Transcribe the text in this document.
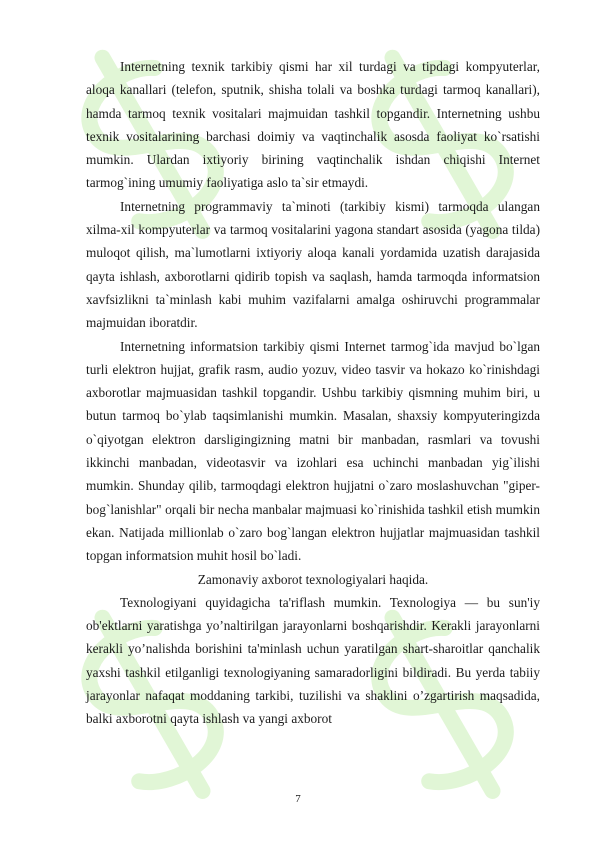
Internetning texnik tarkibiy qismi har xil turdagi va tipdagi kompyuterlar, aloqa kanallari (telefon, sputnik, shisha tolali va boshka turdagi tarmoq kanallari), hamda tarmoq texnik vositalari majmuidan tashkil topgandir. Internetning ushbu texnik vositalarining barchasi doimiy va vaqtinchalik asosda faoliyat ko`rsatishi mumkin. Ulardan ixtiyoriy birining vaqtinchalik ishdan chiqishi Internet tarmog`ining umumiy faoliyatiga aslo ta`sir etmaydi.

Internetning programmaviy ta`minoti (tarkibiy kismi) tarmoqda ulangan xilma-xil kompyuterlar va tarmoq vositalarini yagona standart asosida (yagona tilda) muloqot qilish, ma`lumotlarni ixtiyoriy aloqa kanali yordamida uzatish darajasida qayta ishlash, axborotlarni qidirib topish va saqlash, hamda tarmoqda informatsion xavfsizlikni ta`minlash kabi muhim vazifalarni amalga oshiruvchi programmalar majmuidan iboratdir.

Internetning informatsion tarkibiy qismi Internet tarmog`ida mavjud bo`lgan turli elektron hujjat, grafik rasm, audio yozuv, video tasvir va hokazo ko`rinishdagi axborotlar majmuasidan tashkil topgandir. Ushbu tarkibiy qismning muhim biri, u butun tarmoq bo`ylab taqsimlanishi mumkin. Masalan, shaxsiy kompyuteringizda o`qiyotgan elektron darsligingizning matni bir manbadan, rasmlari va tovushi ikkinchi manbadan, videotasvir va izohlari esa uchinchi manbadan yig`ilishi mumkin. Shunday qilib, tarmoqdagi elektron hujjatni o`zaro moslashuvchan "giper-bog`lanishlar" orqali bir necha manbalar majmuasi ko`rinishida tashkil etish mumkin ekan. Natijada millionlab o`zaro bog`langan elektron hujjatlar majmuasidan tashkil topgan informatsion muhit hosil bo`ladi.

Zamonaviy axborot texnologiyalari haqida.

Texnologiyani quyidagicha ta'riflash mumkin. Texnologiya — bu sun'iy ob'ektlarni yaratishga yo’naltirilgan jarayonlarni boshqarishdir. Kerakli jarayonlarni kerakli yo’nalishda borishini ta'minlash uchun yaratilgan shart-sharoitlar qanchalik yaxshi tashkil etilganligi texnologiyaning samaradorligini bildiradi. Bu yerda tabiiy jarayonlar nafaqat moddaning tarkibi, tuzilishi va shaklini o’zgartirish maqsadida, balki axborotni qayta ishlash va yangi axborot

7
